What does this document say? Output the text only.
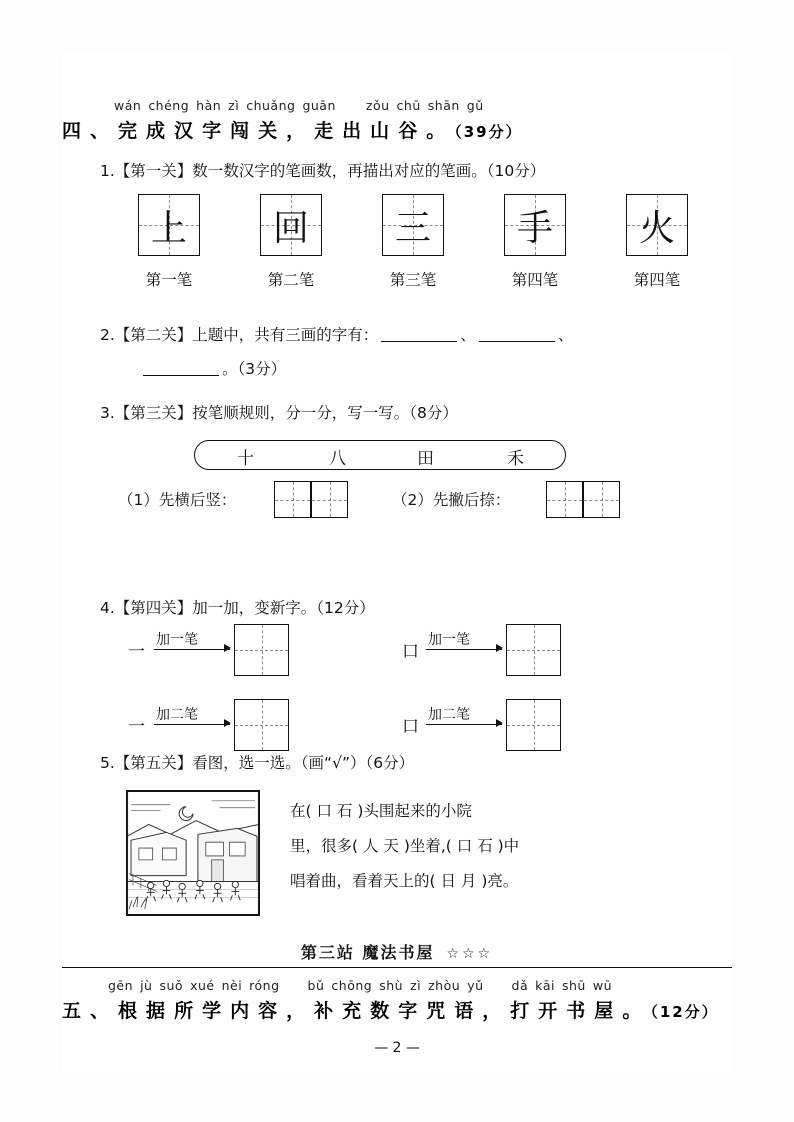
wán chéng hàn zì chuǎng guān zǒu chū shān gǔ
四 、 完 成 汉 字 闯 关 ， 走 出 山 谷 。 （39分）
1.【第一关】数一数汉字的笔画数，再描出对应的笔画。（10分）
上
第一笔
回
第二笔
三
第三笔
手
第四笔
火
第四笔
2.【第二关】上题中，共有三画的字有：	、	、
。（3分）
3.【第三关】按笔顺规则，分一分，写一写。（8分）
十	八	田	禾
（1）先横后竖：	（2）先撇后捺：
4.【第四关】加一加，变新字。（12分）
一
加一笔
口
加一笔
一
加二笔
口
加二笔
5.【第五关】看图，选一选。（画“√”）（6分）
在( 口 石 )头围起来的小院
里，很多( 人 天 )坐着,( 口 石 )中
唱着曲，看着天上的( 日 月 )亮。
第三站 魔法书屋 ☆☆☆
gēn jù suǒ xué nèi róng bǔ chōng shù zì zhòu yǔ dǎ kāi shū wū
五 、 根 据 所 学 内 容 ， 补 充 数 字 咒 语 ， 打 开 书 屋 。 （12分）
— 2 —
